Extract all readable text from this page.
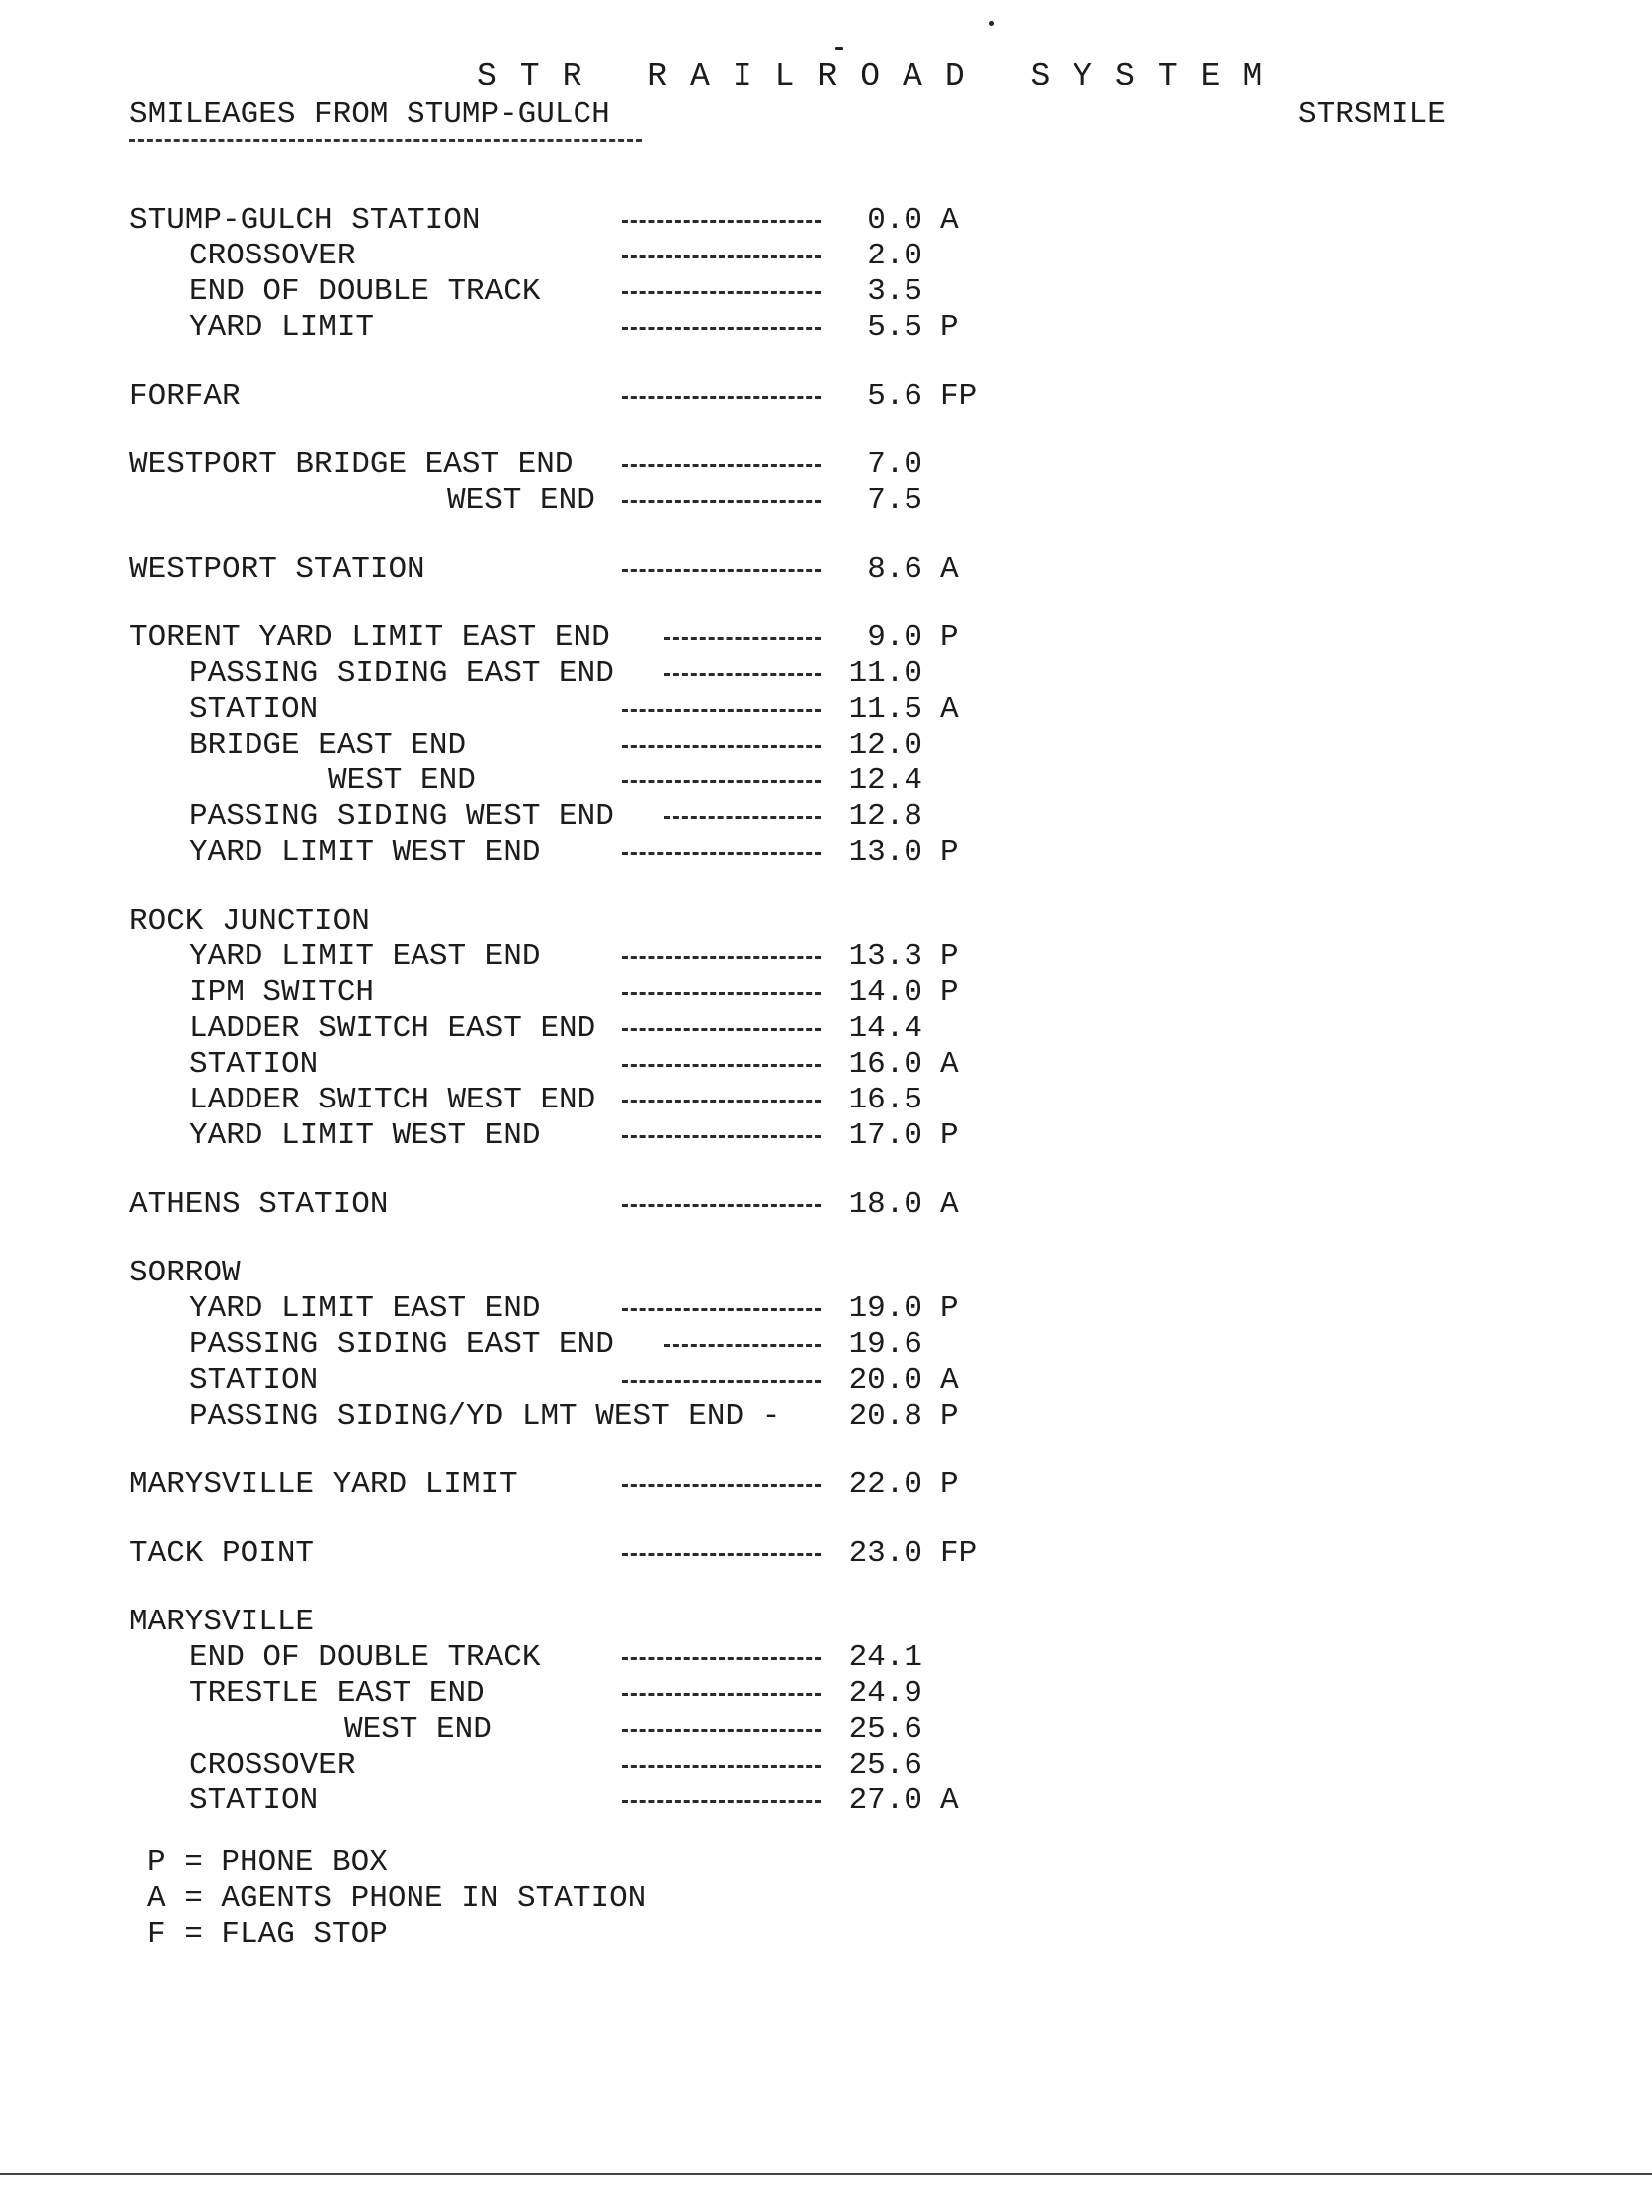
STR RAILROAD SYSTEM
SMILEAGES FROM STUMP-GULCH	STRSMILE
STUMP-GULCH STATION	0.0 A
CROSSOVER	2.0
END OF DOUBLE TRACK	3.5
YARD LIMIT	5.5 P
FORFAR	5.6 FP
WESTPORT BRIDGE EAST END	7.0
WEST END	7.5
WESTPORT STATION	8.6 A
TORENT YARD LIMIT EAST END	9.0 P
PASSING SIDING EAST END	11.0
STATION	11.5 A
BRIDGE EAST END	12.0
WEST END	12.4
PASSING SIDING WEST END	12.8
YARD LIMIT WEST END	13.0 P
ROCK JUNCTION
YARD LIMIT EAST END	13.3 P
IPM SWITCH	14.0 P
LADDER SWITCH EAST END	14.4
STATION	16.0 A
LADDER SWITCH WEST END	16.5
YARD LIMIT WEST END	17.0 P
ATHENS STATION	18.0 A
SORROW
YARD LIMIT EAST END	19.0 P
PASSING SIDING EAST END	19.6
STATION	20.0 A
PASSING SIDING/YD LMT WEST END -	20.8 P
MARYSVILLE YARD LIMIT	22.0 P
TACK POINT	23.0 FP
MARYSVILLE
END OF DOUBLE TRACK	24.1
TRESTLE EAST END	24.9
WEST END	25.6
CROSSOVER	25.6
STATION	27.0 A
P = PHONE BOX
A = AGENTS PHONE IN STATION
F = FLAG STOP
